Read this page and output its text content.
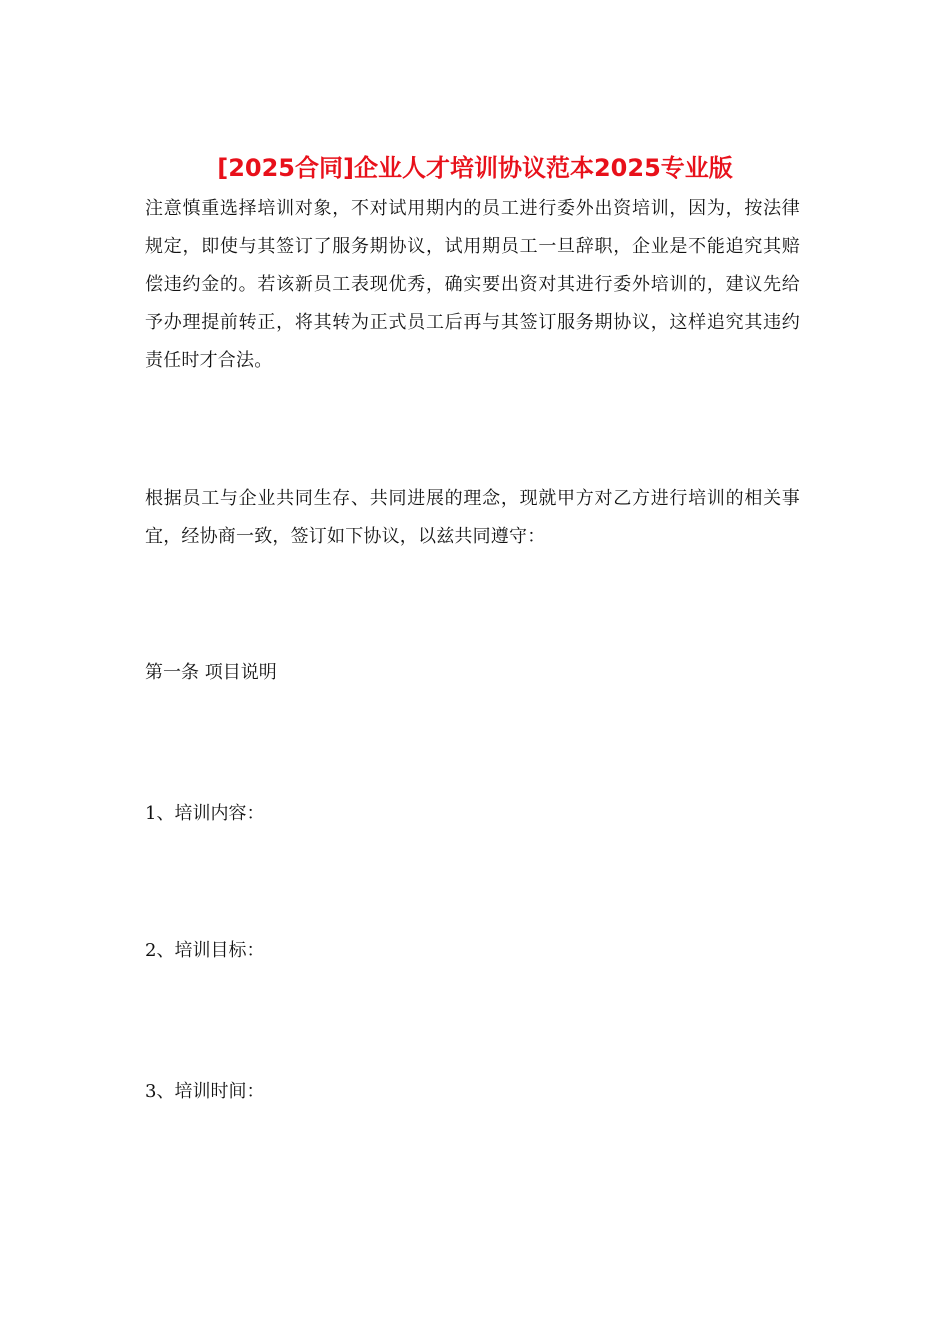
[2025合同]企业人才培训协议范本2025专业版

注意慎重选择培训对象，不对试用期内的员工进行委外出资培训，因为，按法律规定，即使与其签订了服务期协议，试用期员工一旦辞职，企业是不能追究其赔偿违约金的。若该新员工表现优秀，确实要出资对其进行委外培训的，建议先给予办理提前转正，将其转为正式员工后再与其签订服务期协议，这样追究其违约责任时才合法。

根据员工与企业共同生存、共同进展的理念，现就甲方对乙方进行培训的相关事宜，经协商一致，签订如下协议，以兹共同遵守：

第一条 项目说明

1、培训内容：

2、培训目标：

3、培训时间：
